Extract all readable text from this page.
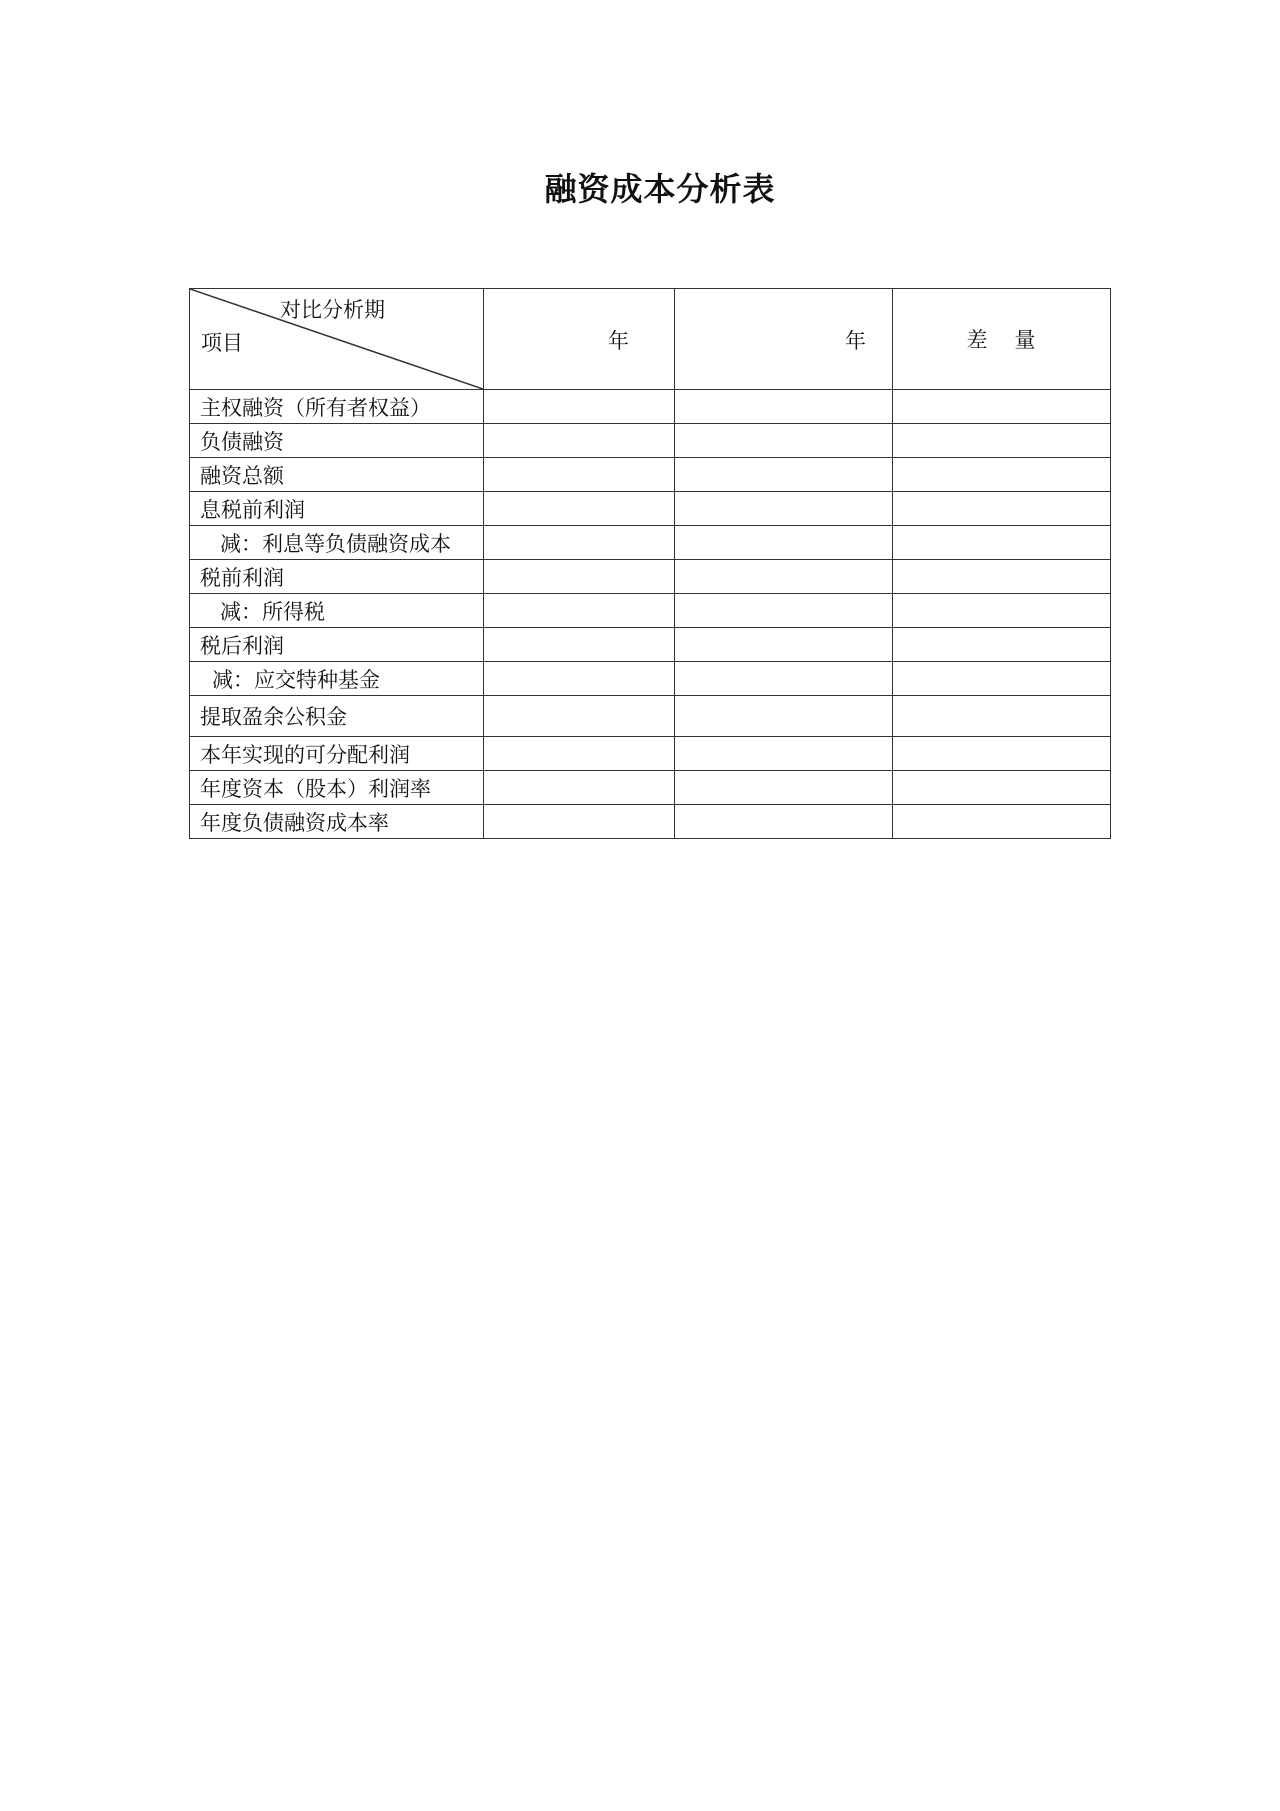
融资成本分析表
对比分析期
项目	年	年	差 量
主权融资（所有者权益）			
负债融资			
融资总额			
息税前利润			
减：利息等负债融资成本			
税前利润			
减：所得税			
税后利润			
减：应交特种基金			
提取盈余公积金			
本年实现的可分配利润			
年度资本（股本）利润率			
年度负债融资成本率			
